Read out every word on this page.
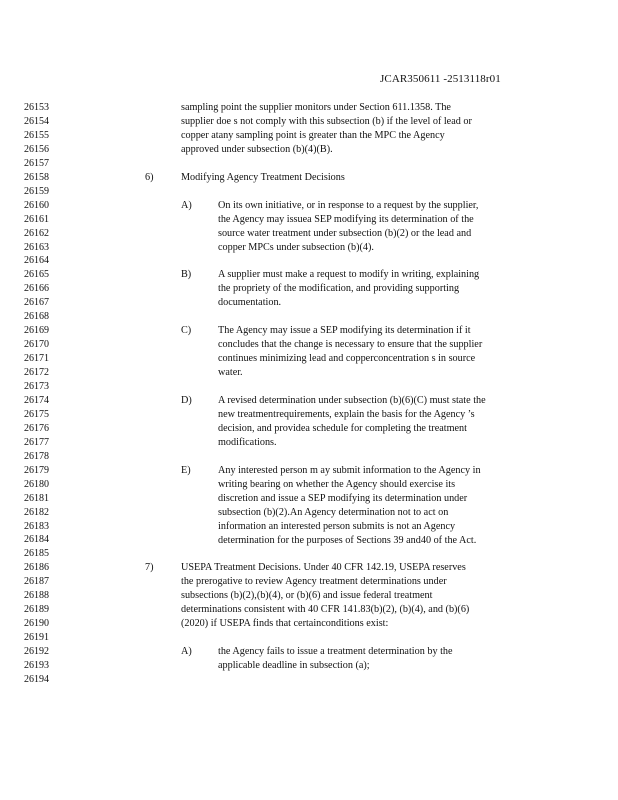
JCAR350611 -2513118r01
26153
26154
26155
26156
26157
26158
26159
26160
26161
26162
26163
26164
26165
26166
26167
26168
26169
26170
26171
26172
26173
26174
26175
26176
26177
26178
26179
26180
26181
26182
26183
26184
26185
26186
26187
26188
26189
26190
26191
26192
26193
26194
sampling point the supplier monitors under Section 611.1358. The
supplier doe s not comply with this subsection (b) if the level of lead or
copper atany sampling point is greater than the MPC the Agency
approved under subsection (b)(4)(B).
6)	Modifying Agency Treatment Decisions
A)	On its own initiative, or in response to a request by the supplier,
the Agency may issuea SEP modifying its determination of the
source water treatment under subsection (b)(2) or the lead and
copper MPCs under subsection (b)(4).
B)	A supplier must make a request to modify in writing, explaining
the propriety of the modification, and providing supporting
documentation.
C)	The Agency may issue a SEP modifying its determination if it
concludes that the change is necessary to ensure that the supplier
continues minimizing lead and copperconcentration s in source
water.
D)	A revised determination under subsection (b)(6)(C) must state the
new treatmentrequirements, explain the basis for the Agency ’s
decision, and providea schedule for completing the treatment
modifications.
E)	Any interested person m ay submit information to the Agency in
writing bearing on whether the Agency should exercise its
discretion and issue a SEP modifying its determination under
subsection (b)(2).An Agency determination not to act on
information an interested person submits is not an Agency
determination for the purposes of Sections 39 and40 of the Act.
7)	USEPA Treatment Decisions. Under 40 CFR 142.19, USEPA reserves
the prerogative to review Agency treatment determinations under
subsections (b)(2),(b)(4), or (b)(6) and issue federal treatment
determinations consistent with 40 CFR 141.83(b)(2), (b)(4), and (b)(6)
(2020) if USEPA finds that certainconditions exist:
A)	the Agency fails to issue a treatment determination by the
applicable deadline in subsection (a);
